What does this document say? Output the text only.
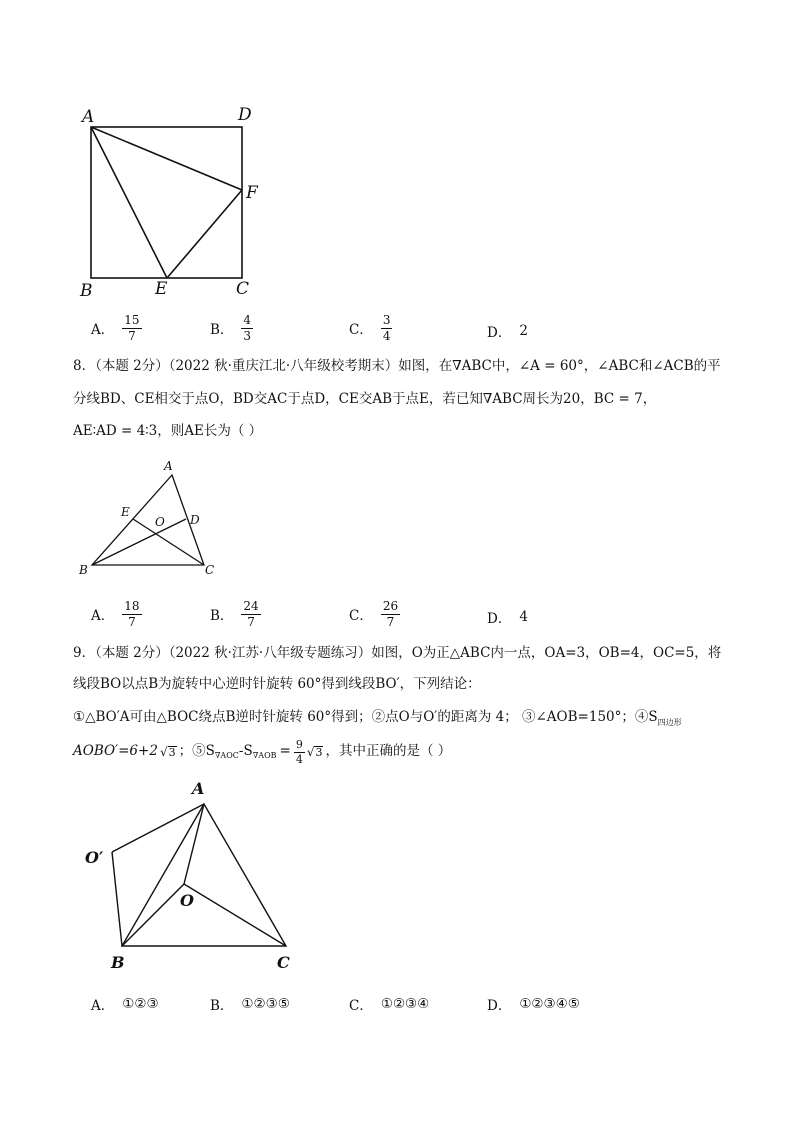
A	D
F
B	E	C
A． $\frac{15}{7}$	B． $\frac{4}{3}$	C． $\frac{3}{4}$	D． 2
8．（本题 2分）（2022 秋·重庆江北·八年级校考期末）如图，在∇ABC中，∠A = 60°，∠ABC和∠ACB的平
分线BD、CE相交于点O，BD交AC于点D，CE交AB于点E，若已知∇ABC周长为20，BC = 7，
AE∶AD = 4∶3，则AE长为（ ）
A
E
O D
B	C
A． $\frac{18}{7}$	B． $\frac{24}{7}$	C． $\frac{26}{7}$	D． 4
9．（本题 2分）（2022 秋·江苏·八年级专题练习）如图，O为正△ABC内一点，OA=3，OB=4，OC=5，将
线段BO以点B为旋转中心逆时针旋转 60°得到线段BO′，下列结论：
①△BO′A可由△BOC绕点B逆时针旋转 60°得到；②点O与O′的距离为 4； ③∠AOB=150°；$④S_{四边形}$
AOBO′=6+2 √ 3 ；⑤S ∇AOC -S $\nabla AOB = \frac{9}{4}$ √ 3 ，其中正确的是（ ）
A
O′
O
B	C
A． ①②③	B． ①②③⑤	C． ①②③④	D． ①②③④⑤
